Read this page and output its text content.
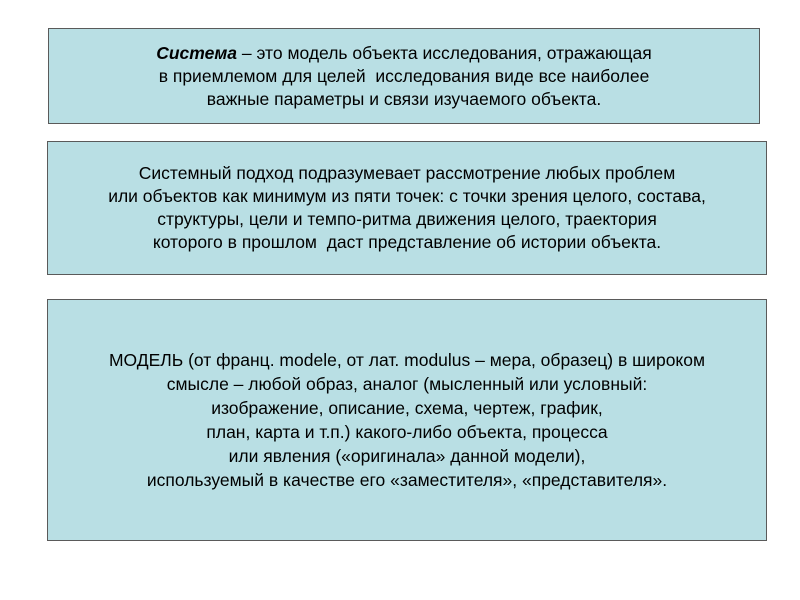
Система – это модель объекта исследования, отражающая
в приемлемом для целей  исследования виде все наиболее
важные параметры и связи изучаемого объекта.

Системный подход подразумевает рассмотрение любых проблем
или объектов как минимум из пяти точек: с точки зрения целого, состава,
структуры, цели и темпо-ритма движения целого, траектория
которого в прошлом  даст представление об истории объекта.

МОДЕЛЬ (от франц. modele, от лат. modulus – мера, образец) в широком
смысле – любой образ, аналог (мысленный или условный:
изображение, описание, схема, чертеж, график,
план, карта и т.п.) какого-либо объекта, процесса
или явления («оригинала» данной модели),
используемый в качестве его «заместителя», «представителя».
